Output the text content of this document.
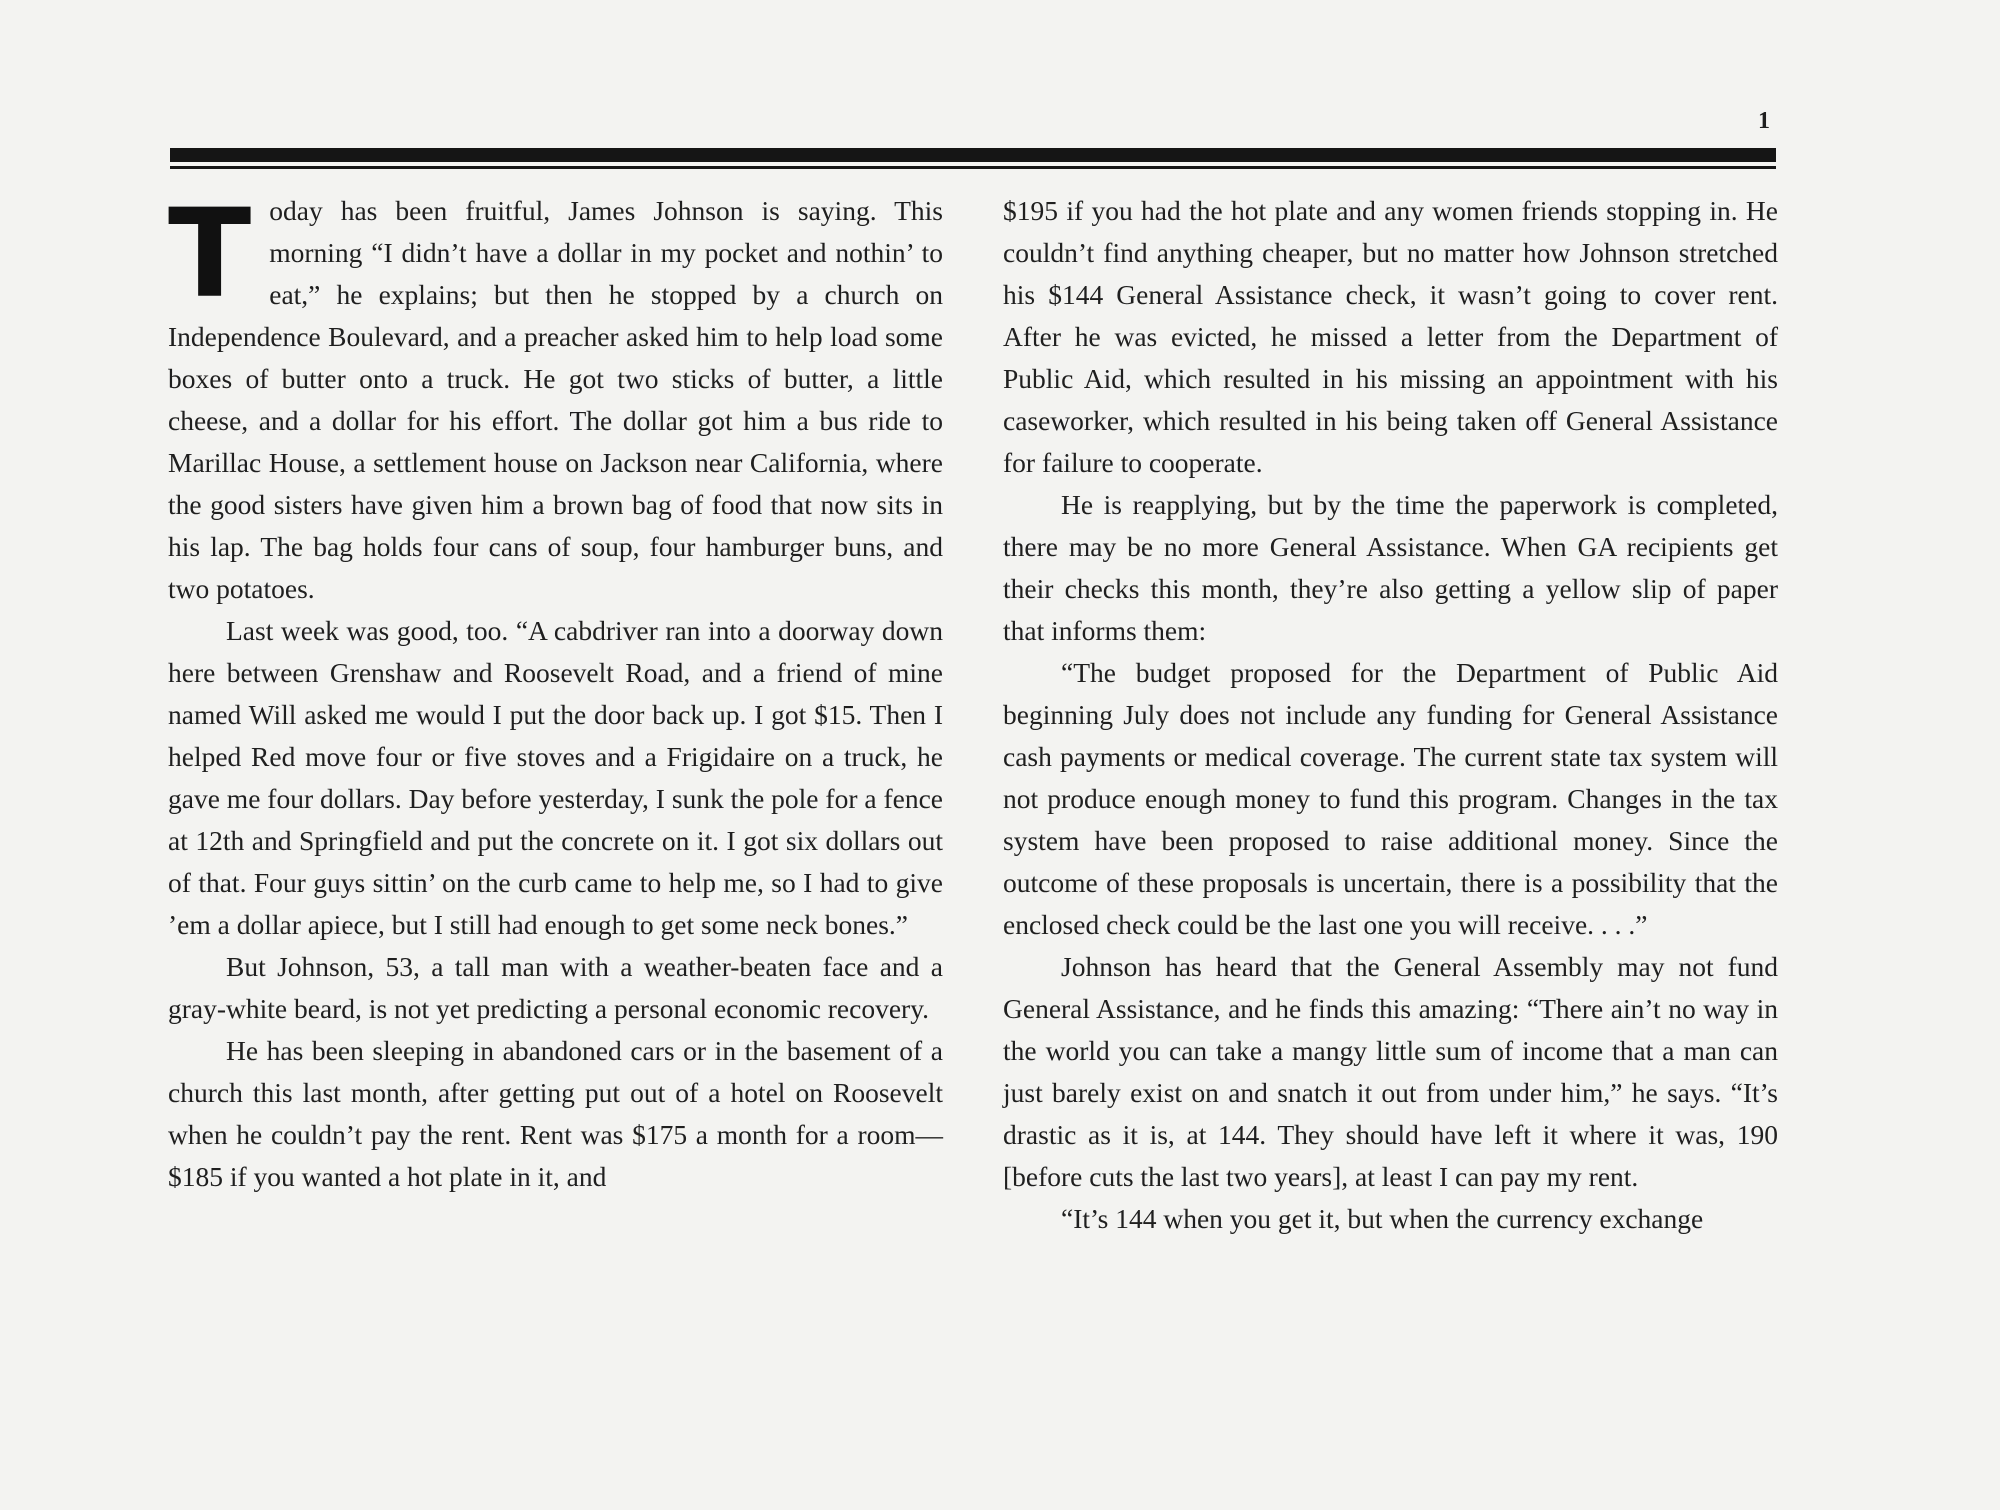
1
T oday has been fruitful, James Johnson is saying. This morning “I didn’t have a dollar in my pocket and nothin’ to eat,” he explains; but then he stopped by a church on Independence Boulevard, and a preacher asked him to help load some boxes of butter onto a truck. He got two sticks of butter, a little cheese, and a dollar for his effort. The dollar got him a bus ride to Marillac House, a settlement house on Jackson near California, where the good sisters have given him a brown bag of food that now sits in his lap. The bag holds four cans of soup, four hamburger buns, and two potatoes.

Last week was good, too. “A cabdriver ran into a doorway down here between Grenshaw and Roosevelt Road, and a friend of mine named Will asked me would I put the door back up. I got $15. Then I helped Red move four or five stoves and a Frigidaire on a truck, he gave me four dollars. Day before yesterday, I sunk the pole for a fence at 12th and Springfield and put the concrete on it. I got six dollars out of that. Four guys sittin’ on the curb came to help me, so I had to give ’em a dollar apiece, but I still had enough to get some neck bones.”

But Johnson, 53, a tall man with a weather-beaten face and a gray-white beard, is not yet predicting a personal economic recovery.

He has been sleeping in abandoned cars or in the basement of a church this last month, after getting put out of a hotel on Roosevelt when he couldn’t pay the rent. Rent was $175 a month for a room—$185 if you wanted a hot plate in it, and

$195 if you had the hot plate and any women friends stopping in. He couldn’t find anything cheaper, but no matter how Johnson stretched his $144 General Assistance check, it wasn’t going to cover rent. After he was evicted, he missed a letter from the Department of Public Aid, which resulted in his missing an appointment with his caseworker, which resulted in his being taken off General Assistance for failure to cooperate.

He is reapplying, but by the time the paperwork is completed, there may be no more General Assistance. When GA recipients get their checks this month, they’re also getting a yellow slip of paper that informs them:

“The budget proposed for the Department of Public Aid beginning July does not include any funding for General Assistance cash payments or medical coverage. The current state tax system will not produce enough money to fund this program. Changes in the tax system have been proposed to raise additional money. Since the outcome of these proposals is uncertain, there is a possibility that the enclosed check could be the last one you will receive. . . .”

Johnson has heard that the General Assembly may not fund General Assistance, and he finds this amazing: “There ain’t no way in the world you can take a mangy little sum of income that a man can just barely exist on and snatch it out from under him,” he says. “It’s drastic as it is, at 144. They should have left it where it was, 190 [before cuts the last two years], at least I can pay my rent.

“It’s 144 when you get it, but when the currency exchange
